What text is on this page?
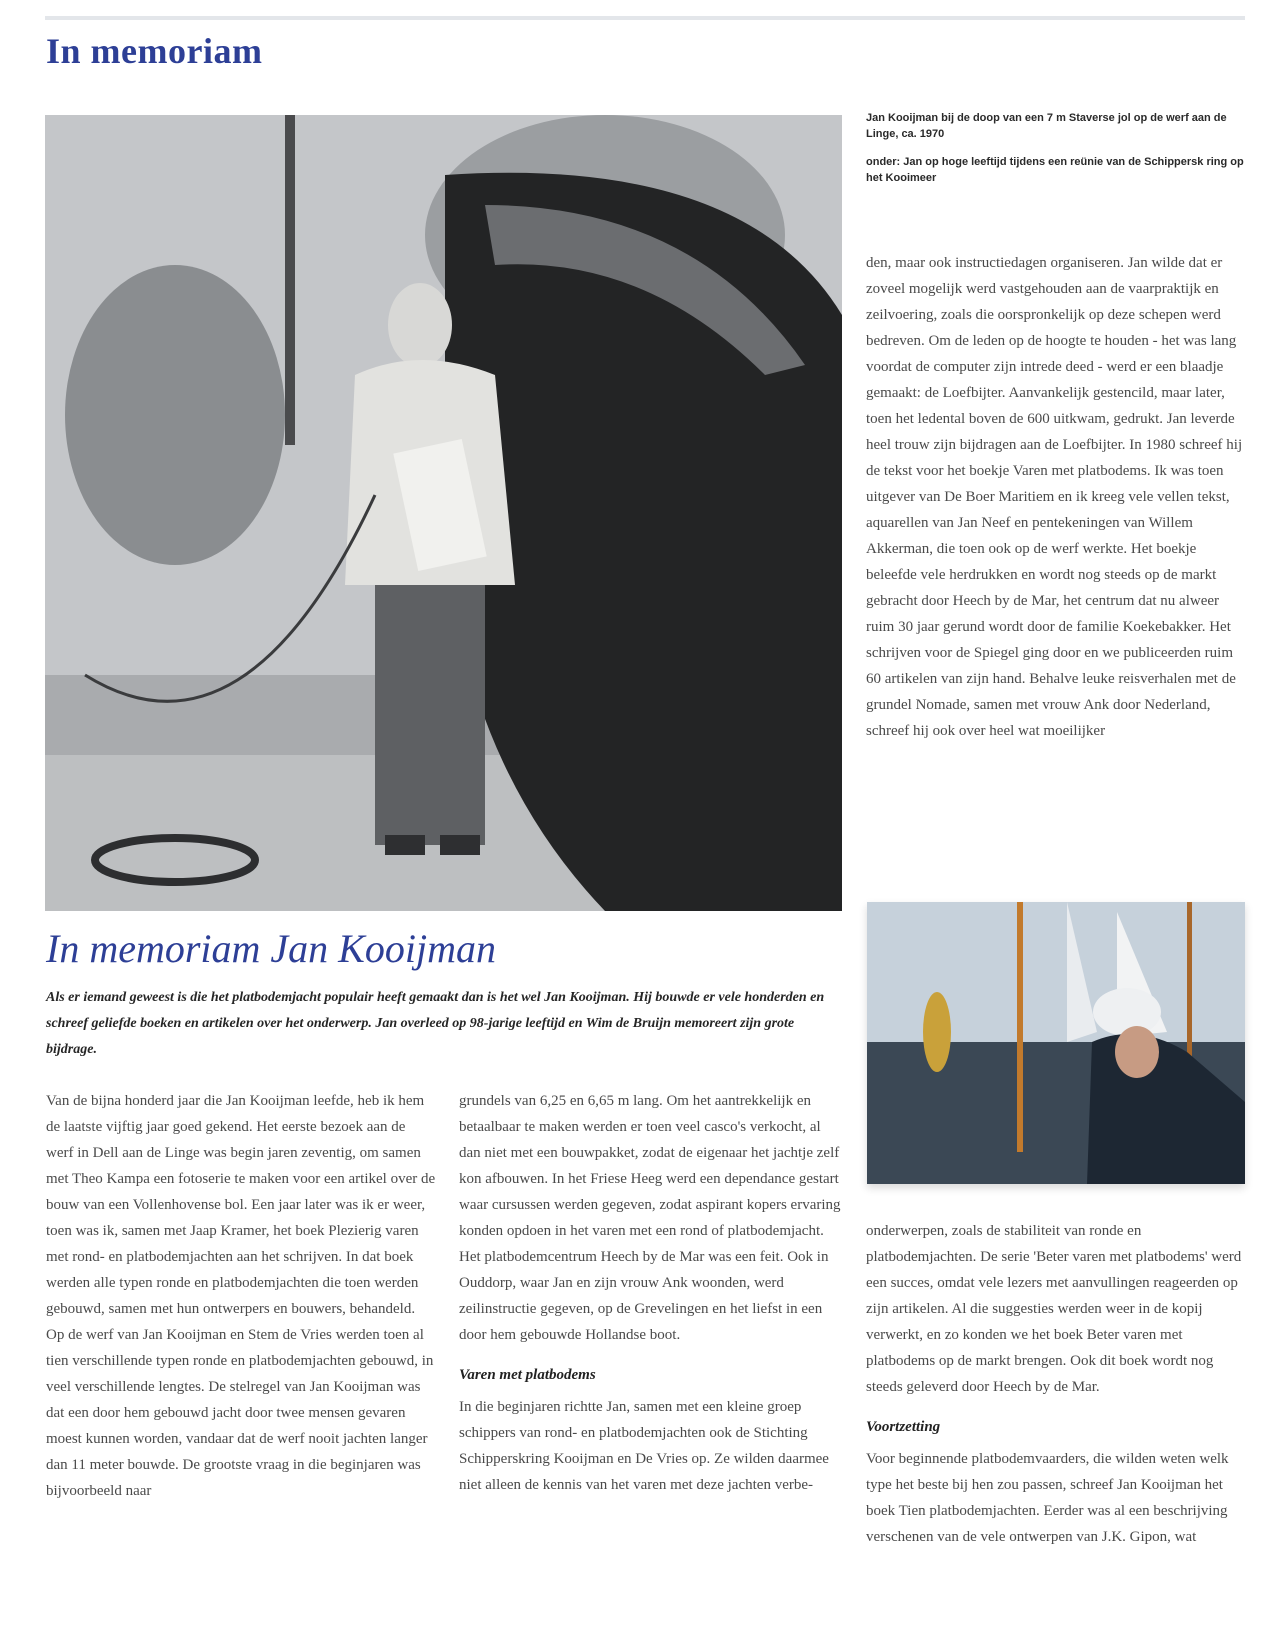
In memoriam

Jan Kooijman bij de doop van een 7 m Staverse jol op de werf aan de Linge, ca. 1970

onder: Jan op hoge leeftijd tijdens een reünie van de Schippersk ring op het Kooimeer

den, maar ook instructiedagen organiseren. Jan wilde dat er zoveel mogelijk werd vastgehouden aan de vaarpraktijk en zeilvoering, zoals die oorspronkelijk op deze schepen werd bedreven. Om de leden op de hoogte te houden - het was lang voordat de computer zijn intrede deed - werd er een blaadje gemaakt: de Loefbijter. Aanvankelijk gestencild, maar later, toen het ledental boven de 600 uitkwam, gedrukt. Jan leverde heel trouw zijn bijdragen aan de Loefbijter. In 1980 schreef hij de tekst voor het boekje Varen met platbodems. Ik was toen uitgever van De Boer Maritiem en ik kreeg vele vellen tekst, aquarellen van Jan Neef en pentekeningen van Willem Akkerman, die toen ook op de werf werkte. Het boekje beleefde vele herdrukken en wordt nog steeds op de markt gebracht door Heech by de Mar, het centrum dat nu alweer ruim 30 jaar gerund wordt door de familie Koekebakker. Het schrijven voor de Spiegel ging door en we publiceerden ruim 60 artikelen van zijn hand. Behalve leuke reisverhalen met de grundel Nomade, samen met vrouw Ank door Nederland, schreef hij ook over heel wat moeilijker

In memoriam Jan Kooijman

Als er iemand geweest is die het platbodemjacht populair heeft gemaakt dan is het wel Jan Kooijman. Hij bouwde er vele honderden en schreef geliefde boeken en artikelen over het onderwerp. Jan overleed op 98-jarige leeftijd en Wim de Bruijn memoreert zijn grote bijdrage.

Van de bijna honderd jaar die Jan Kooijman leefde, heb ik hem de laatste vijftig jaar goed gekend. Het eerste bezoek aan de werf in Dell aan de Linge was begin jaren zeventig, om samen met Theo Kampa een fotoserie te maken voor een artikel over de bouw van een Vollenhovense bol. Een jaar later was ik er weer, toen was ik, samen met Jaap Kramer, het boek Plezierig varen met rond- en platbodemjachten aan het schrijven. In dat boek werden alle typen ronde en platbodemjachten die toen werden gebouwd, samen met hun ontwerpers en bouwers, behandeld. Op de werf van Jan Kooijman en Stem de Vries werden toen al tien verschillende typen ronde en platbodemjachten gebouwd, in veel verschillende lengtes. De stelregel van Jan Kooijman was dat een door hem gebouwd jacht door twee mensen gevaren moest kunnen worden, vandaar dat de werf nooit jachten langer dan 11 meter bouwde. De grootste vraag in die beginjaren was bijvoorbeeld naar

grundels van 6,25 en 6,65 m lang. Om het aantrekkelijk en betaalbaar te maken werden er toen veel casco's verkocht, al dan niet met een bouwpakket, zodat de eigenaar het jachtje zelf kon afbouwen. In het Friese Heeg werd een dependance gestart waar cursussen werden gegeven, zodat aspirant kopers ervaring konden opdoen in het varen met een rond of platbodemjacht. Het platbodemcentrum Heech by de Mar was een feit. Ook in Ouddorp, waar Jan en zijn vrouw Ank woonden, werd zeilinstructie gegeven, op de Grevelingen en het liefst in een door hem gebouwde Hollandse boot.

Varen met platbodems

In die beginjaren richtte Jan, samen met een kleine groep schippers van rond- en platbodemjachten ook de Stichting Schipperskring Kooijman en De Vries op. Ze wilden daarmee niet alleen de kennis van het varen met deze jachten verbe-

onderwerpen, zoals de stabiliteit van ronde en platbodemjachten. De serie 'Beter varen met platbodems' werd een succes, omdat vele lezers met aanvullingen reageerden op zijn artikelen. Al die suggesties werden weer in de kopij verwerkt, en zo konden we het boek Beter varen met platbodems op de markt brengen. Ook dit boek wordt nog steeds geleverd door Heech by de Mar.

Voortzetting

Voor beginnende platbodemvaarders, die wilden weten welk type het beste bij hen zou passen, schreef Jan Kooijman het boek Tien platbodemjachten. Eerder was al een beschrijving verschenen van de vele ontwerpen van J.K. Gipon, wat
